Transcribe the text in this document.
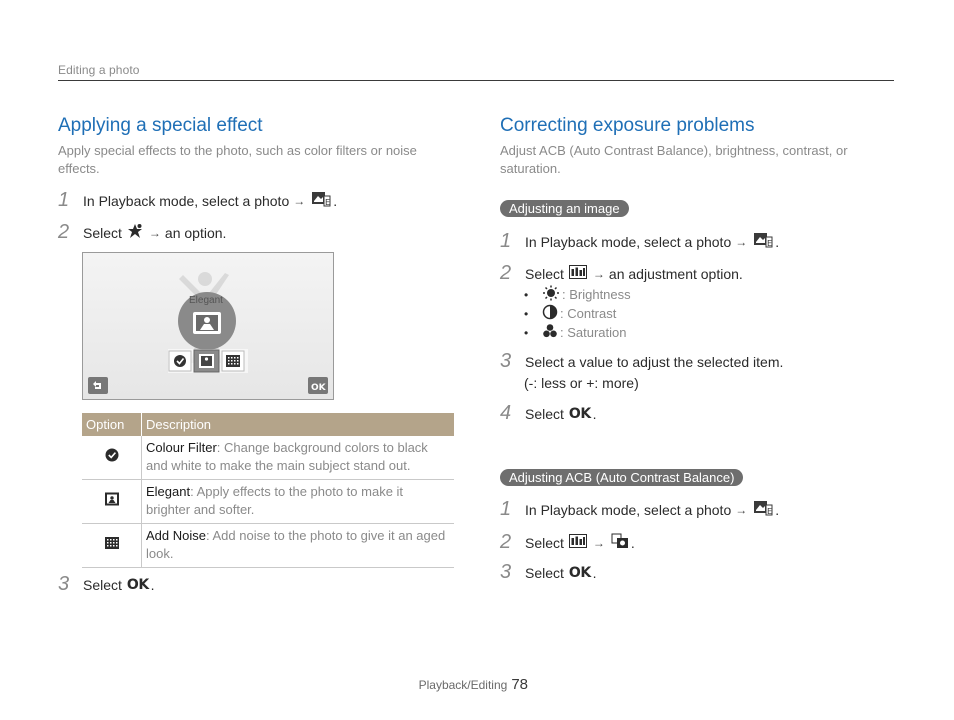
Editing a photo
Applying a special effect
Apply special effects to the photo, such as color filters or noise effects.
1 In Playback mode, select a photo →	E .
2 Select → an option.
OK
Elegant
Option	Description
	Colour Filter: Change background colors to black and white to make the main subject stand out.
	Elegant: Apply effects to the photo to make it brighter and softer.
	Add Noise: Add noise to the photo to give it an aged look.
3 Select OK .
Correcting exposure problems
Adjust ACB (Auto Contrast Balance), brightness, contrast, or saturation.
Adjusting an image
1 In Playback mode, select a photo →	E .
2 Select → an adjustment option.
•	: Brightness
•	: Contrast
•	: Saturation
3 Select a value to adjust the selected item.
(-: less or +: more)
4 Select OK .
Adjusting ACB (Auto Contrast Balance)
1 In Playback mode, select a photo →	E .
2 Select → .
3 Select OK .
Playback/Editing 78
